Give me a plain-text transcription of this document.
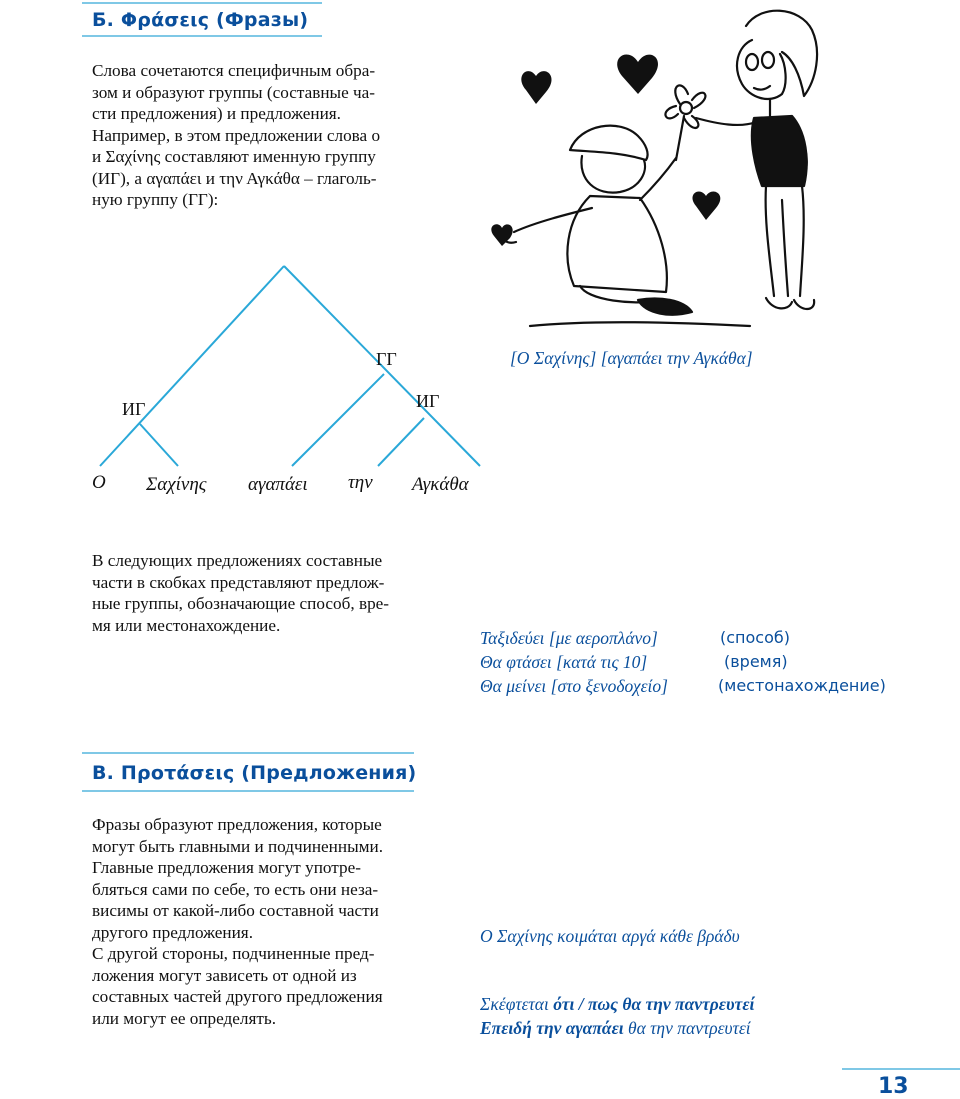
Б. Φράσεις (Фразы)

Слова сочетаются специфичным обра-

зом и образуют группы (составные ча-

сти предложения) и предложения.

Например, в этом предложении слова ο

и Σαχίνης составляют именную группу

(ИГ), а αγαπάει и την Αγκάθα – глаголь-

ную группу (ГГ):

[Ο Σαχίνης] [αγαπάει την Αγκάθα]
ГГ
ИГ	ИГ
Ο Σαχίνης αγαπάει την Αγκάθα

В следующих предложениях составные

части в скобках представляют предлож-

ные группы, обозначающие способ, вре-

мя или местонахождение.

Ταξιδεύει [με αεροπλάνο]	(способ)
Θα φτάσει [κατά τις 10]	(время)
Θα μείνει [στο ξενοδοχείο]	(местонахождение)
В. Προτάσεις (Предложения)

Фразы образуют предложения, которые

могут быть главными и подчиненными.

Главные предложения могут употре-

бляться сами по себе, то есть они неза-

висимы от какой-либо составной части

другого предложения.

С другой стороны, подчиненные пред-

ложения могут зависеть от одной из

составных частей другого предложения

или могут ее определять.

Ο Σαχίνης κοιμάται αργά κάθε βράδυ
Σκέφτεται ότι / πως θα την παντρευτεί
Επειδή την αγαπάει θα την παντρευτεί
13
